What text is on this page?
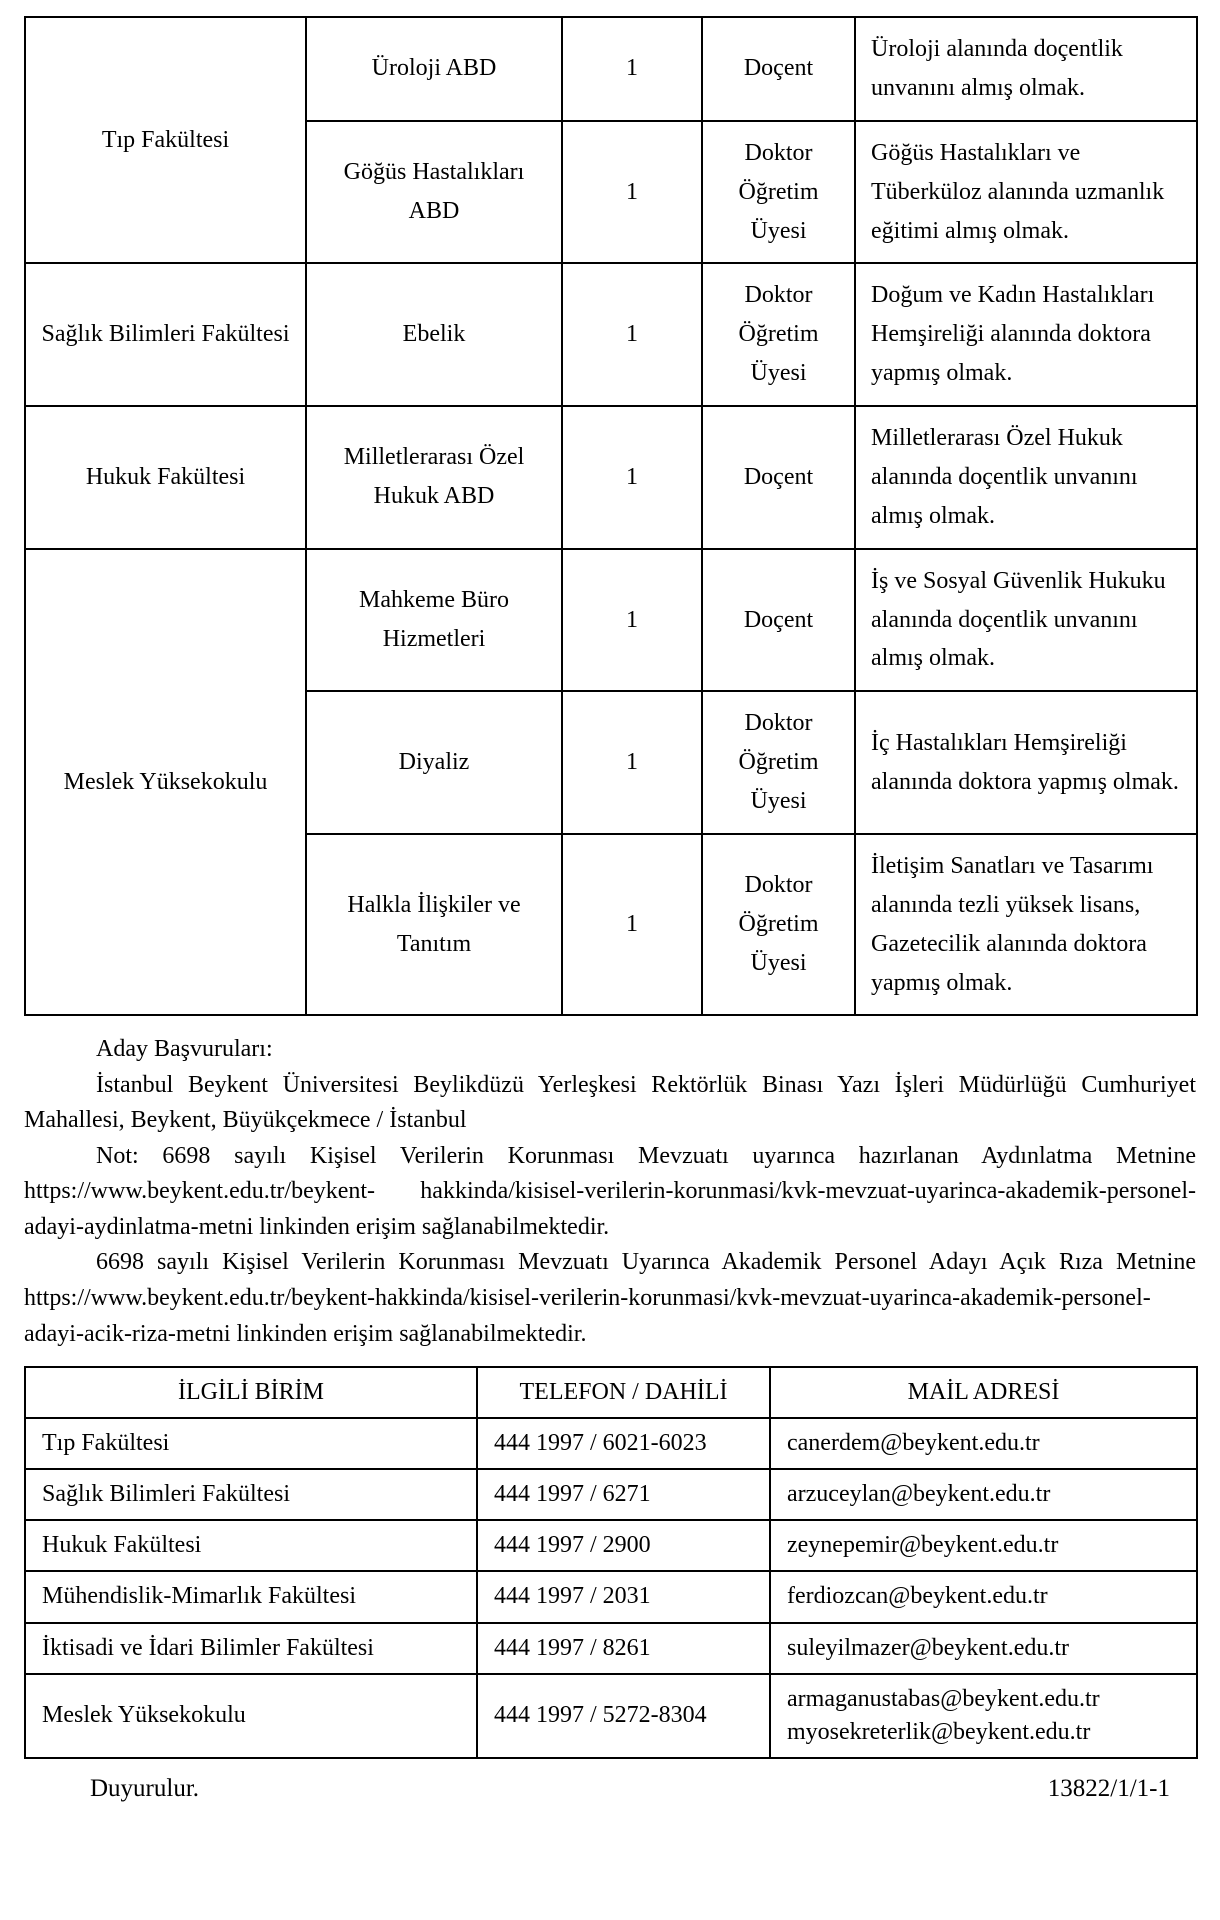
Tıp Fakültesi	Üroloji ABD	1	Doçent	Üroloji alanında doçentlik unvanını almış olmak.
	Göğüs Hastalıkları ABD	1	Doktor Öğretim Üyesi	Göğüs Hastalıkları ve Tüberküloz alanında uzmanlık eğitimi almış olmak.
Sağlık Bilimleri Fakültesi	Ebelik	1	Doktor Öğretim Üyesi	Doğum ve Kadın Hastalıkları Hemşireliği alanında doktora yapmış olmak.
Hukuk Fakültesi	Milletlerarası Özel Hukuk ABD	1	Doçent	Milletlerarası Özel Hukuk alanında doçentlik unvanını almış olmak.
Meslek Yüksekokulu	Mahkeme Büro Hizmetleri	1	Doçent	İş ve Sosyal Güvenlik Hukuku alanında doçentlik unvanını almış olmak.
	Diyaliz	1	Doktor Öğretim Üyesi	İç Hastalıkları Hemşireliği alanında doktora yapmış olmak.
	Halkla İlişkiler ve Tanıtım	1	Doktor Öğretim Üyesi	İletişim Sanatları ve Tasarımı alanında tezli yüksek lisans, Gazetecilik alanında doktora yapmış olmak.

Aday Başvuruları:

İstanbul Beykent Üniversitesi Beylikdüzü Yerleşkesi Rektörlük Binası Yazı İşleri Müdürlüğü Cumhuriyet Mahallesi, Beykent, Büyükçekmece / İstanbul

Not: 6698 sayılı Kişisel Verilerin Korunması Mevzuatı uyarınca hazırlanan Aydınlatma Metnine https://www.beykent.edu.tr/beykent- hakkinda/kisisel-verilerin-korunmasi/kvk-mevzuat-uyarinca-akademik-personel-adayi-aydinlatma-metni linkinden erişim sağlanabilmektedir.

6698 sayılı Kişisel Verilerin Korunması Mevzuatı Uyarınca Akademik Personel Adayı Açık Rıza Metnine https://www.beykent.edu.tr/beykent-hakkinda/kisisel-verilerin-korunmasi/kvk-mevzuat-uyarinca-akademik-personel-adayi-acik-riza-metni linkinden erişim sağlanabilmektedir.

İLGİLİ BİRİM	TELEFON / DAHİLİ	MAİL ADRESİ
Tıp Fakültesi	444 1997 / 6021-6023	canerdem@beykent.edu.tr

Sağlık Bilimleri Fakültesi	444 1997 / 6271	arzuceylan@beykent.edu.tr

Hukuk Fakültesi	444 1997 / 2900	zeynepemir@beykent.edu.tr

Mühendislik-Mimarlık Fakültesi	444 1997 / 2031	ferdiozcan@beykent.edu.tr

İktisadi ve İdari Bilimler Fakültesi	444 1997 / 8261	suleyilmazer@beykent.edu.tr

Meslek Yüksekokulu	444 1997 / 5272-8304	armaganustabas@beykent.edu.tr
myosekreterlik@beykent.edu.tr
Duyurulur.	13822/1/1-1
